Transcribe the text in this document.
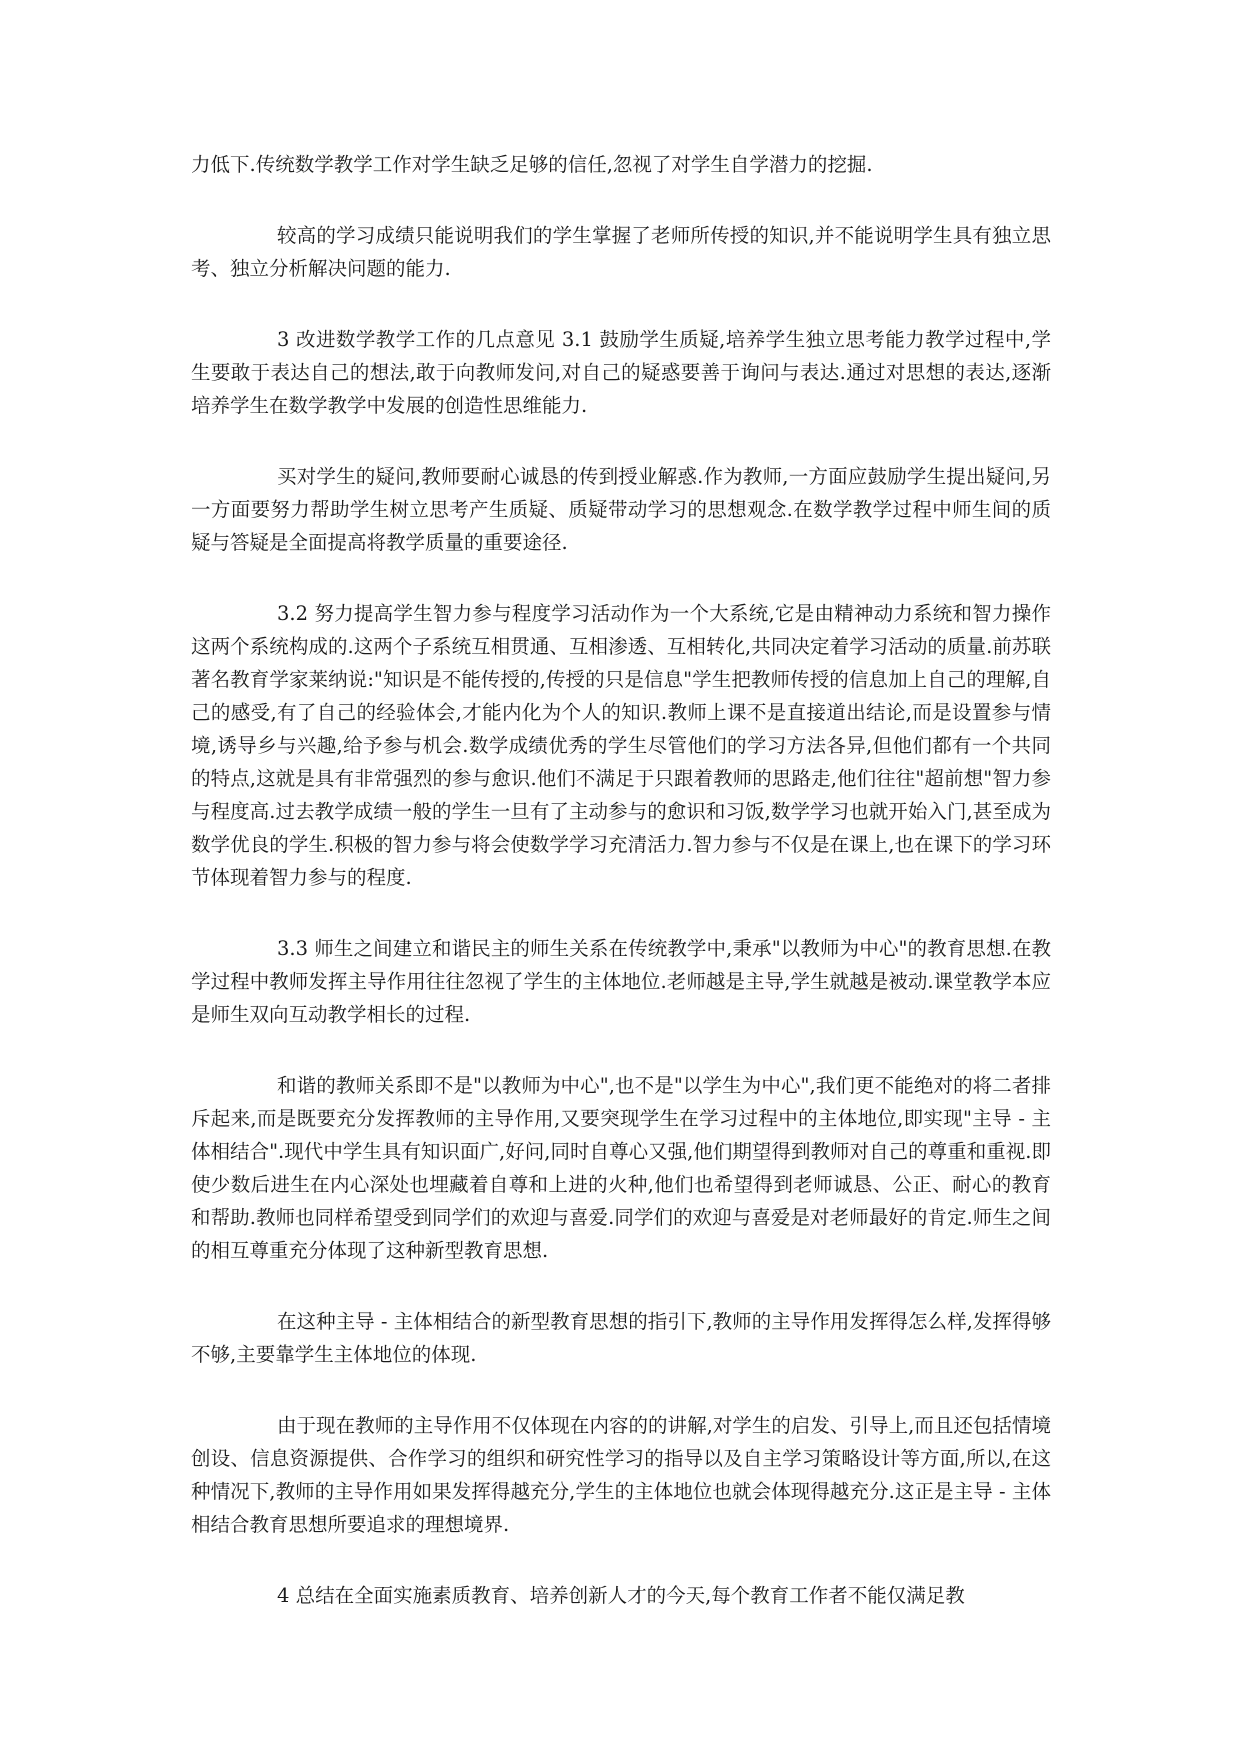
力低下.传统数学教学工作对学生缺乏足够的信任,忽视了对学生自学潜力的挖掘.

较高的学习成绩只能说明我们的学生掌握了老师所传授的知识,并不能说明学生具有独立思考、独立分析解决问题的能力.

3 改进数学教学工作的几点意见 3.1 鼓励学生质疑,培养学生独立思考能力教学过程中,学生要敢于表达自己的想法,敢于向教师发问,对自己的疑惑要善于询问与表达.通过对思想的表达,逐渐培养学生在数学教学中发展的创造性思维能力.

买对学生的疑问,教师要耐心诚恳的传到授业解惑.作为教师,一方面应鼓励学生提出疑问,另一方面要努力帮助学生树立思考产生质疑、质疑带动学习的思想观念.在数学教学过程中师生间的质疑与答疑是全面提高将教学质量的重要途径.

3.2 努力提高学生智力参与程度学习活动作为一个大系统,它是由精神动力系统和智力操作这两个系统构成的.这两个子系统互相贯通、互相渗透、互相转化,共同决定着学习活动的质量.前苏联著名教育学家莱纳说:"知识是不能传授的,传授的只是信息"学生把教师传授的信息加上自己的理解,自己的感受,有了自己的经验体会,才能内化为个人的知识.教师上课不是直接道出结论,而是设置参与情境,诱导乡与兴趣,给予参与机会.数学成绩优秀的学生尽管他们的学习方法各异,但他们都有一个共同的特点,这就是具有非常强烈的参与愈识.他们不满足于只跟着教师的思路走,他们往往"超前想"智力参与程度高.过去教学成绩一般的学生一旦有了主动参与的愈识和习饭,数学学习也就开始入门,甚至成为数学优良的学生.积极的智力参与将会使数学学习充清活力.智力参与不仅是在课上,也在课下的学习环节体现着智力参与的程度.

3.3 师生之间建立和谐民主的师生关系在传统教学中,秉承"以教师为中心"的教育思想.在教学过程中教师发挥主导作用往往忽视了学生的主体地位.老师越是主导,学生就越是被动.课堂教学本应是师生双向互动教学相长的过程.

和谐的教师关系即不是"以教师为中心",也不是"以学生为中心",我们更不能绝对的将二者排斥起来,而是既要充分发挥教师的主导作用,又要突现学生在学习过程中的主体地位,即实现"主导 - 主体相结合".现代中学生具有知识面广,好问,同时自尊心又强,他们期望得到教师对自己的尊重和重视.即使少数后进生在内心深处也埋藏着自尊和上进的火种,他们也希望得到老师诚恳、公正、耐心的教育和帮助.教师也同样希望受到同学们的欢迎与喜爱.同学们的欢迎与喜爱是对老师最好的肯定.师生之间的相互尊重充分体现了这种新型教育思想.

在这种主导 - 主体相结合的新型教育思想的指引下,教师的主导作用发挥得怎么样,发挥得够不够,主要靠学生主体地位的体现.

由于现在教师的主导作用不仅体现在内容的的讲解,对学生的启发、引导上,而且还包括情境创设、信息资源提供、合作学习的组织和研究性学习的指导以及自主学习策略设计等方面,所以,在这种情况下,教师的主导作用如果发挥得越充分,学生的主体地位也就会体现得越充分.这正是主导 - 主体相结合教育思想所要追求的理想境界.

4 总结在全面实施素质教育、培养创新人才的今天,每个教育工作者不能仅满足教
